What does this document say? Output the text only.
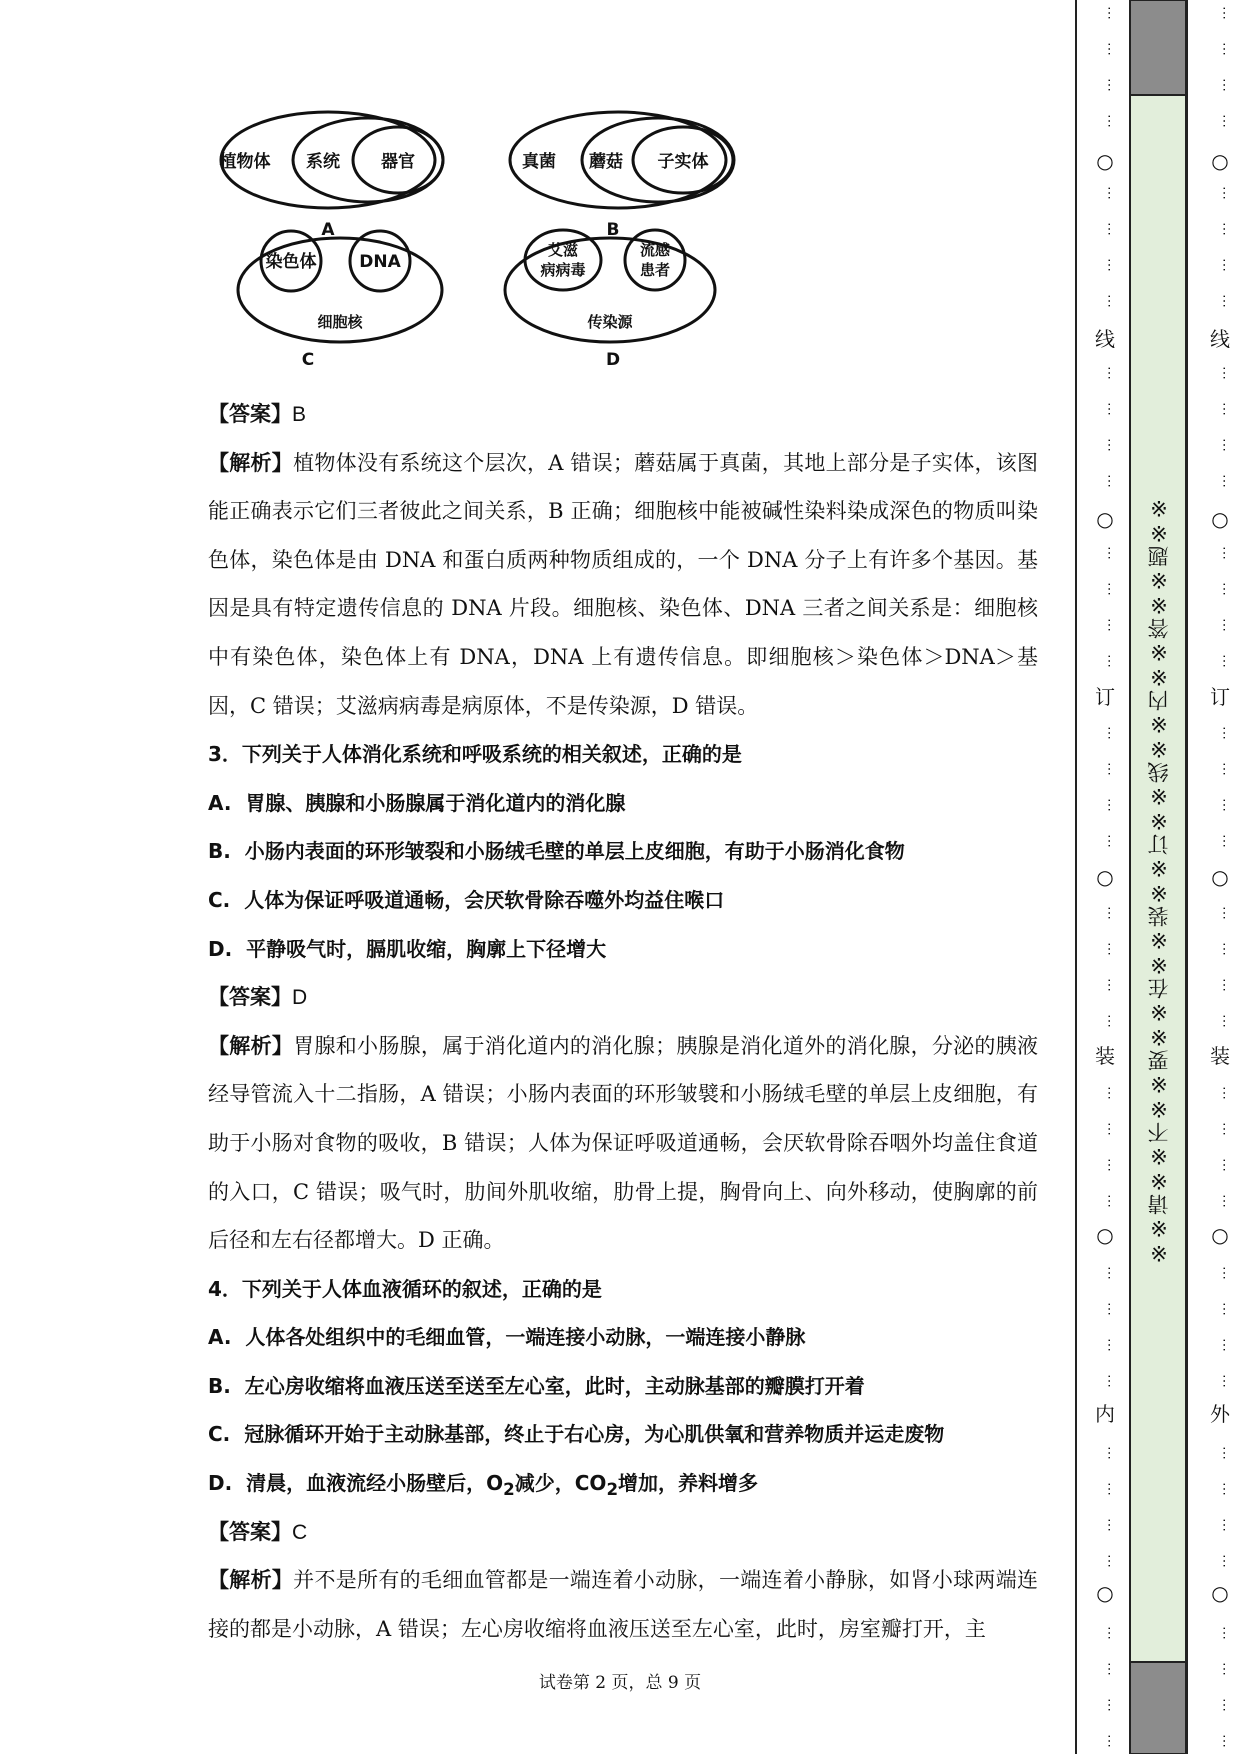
植物体 系统 器官
A
真菌 蘑菇 子实体
B
染色体	DNA
细胞核
C
艾滋
病病毒
流感
患者
传染源
D
【答案】B
【解析】植物体没有系统这个层次，A 错误；蘑菇属于真菌，其地上部分是子实体，该图能正确表示它们三者彼此之间关系，B 正确；细胞核中能被碱性染料染成深色的物质叫染色体，染色体是由 DNA 和蛋白质两种物质组成的，一个 DNA 分子上有许多个基因。基因是具有特定遗传信息的 DNA 片段。细胞核、染色体、DNA 三者之间关系是：细胞核中有染色体，染色体上有 DNA，DNA 上有遗传信息。即细胞核＞染色体＞DNA＞基因，C 错误；艾滋病病毒是病原体，不是传染源，D 错误。
3．下列关于人体消化系统和呼吸系统的相关叙述，正确的是
A. 胃腺、胰腺和小肠腺属于消化道内的消化腺
B. 小肠内表面的环形皱裂和小肠绒毛壁的单层上皮细胞，有助于小肠消化食物
C. 人体为保证呼吸道通畅，会厌软骨除吞噬外均益住喉口
D. 平静吸气时，膈肌收缩，胸廓上下径增大
【答案】D
【解析】胃腺和小肠腺，属于消化道内的消化腺；胰腺是消化道外的消化腺，分泌的胰液经导管流入十二指肠，A 错误；小肠内表面的环形皱襞和小肠绒毛壁的单层上皮细胞，有助于小肠对食物的吸收，B 错误；人体为保证呼吸道通畅，会厌软骨除吞咽外均盖住食道的入口，C 错误；吸气时，肋间外肌收缩，肋骨上提，胸骨向上、向外移动，使胸廓的前后径和左右径都增大。D 正确。
4．下列关于人体血液循环的叙述，正确的是
A. 人体各处组织中的毛细血管，一端连接小动脉，一端连接小静脉
B. 左心房收缩将血液压送至送至左心室，此时，主动脉基部的瓣膜打开着
C. 冠脉循环开始于主动脉基部，终止于右心房，为心肌供氧和营养物质并运走废物
D. 清晨，血液流经小肠壁后，$O_2$减少，$CO_2$增加，养料增多
【答案】C
【解析】并不是所有的毛细血管都是一端连着小动脉，一端连着小静脉，如肾小球两端连接的都是小动脉，A 错误；左心房收缩将血液压送至左心室，此时，房室瓣打开，主
试卷第 2 页，总 9 页
※※请※※不※※要※※在※※装※※订※※线※※内※※答※※题※※
线
订
装
内
⋯
⋯
⋯
⋯
⋯
⋯
⋯
⋯
⋯
⋯
⋯
⋯
⋯
⋯
⋯
⋯
⋯
⋯
⋯
⋯
⋯
⋯
⋯
⋯
⋯
⋯
⋯
⋯
⋯
⋯
⋯
⋯
⋯
⋯
⋯
⋯
⋯
⋯
⋯
⋯
○
○
○
○
○
线
订
装
外
⋯
⋯
⋯
⋯
⋯
⋯
⋯
⋯
⋯
⋯
⋯
⋯
⋯
⋯
⋯
⋯
⋯
⋯
⋯
⋯
⋯
⋯
⋯
⋯
⋯
⋯
⋯
⋯
⋯
⋯
⋯
⋯
⋯
⋯
⋯
⋯
⋯
⋯
⋯
⋯
○
○
○
○
○
